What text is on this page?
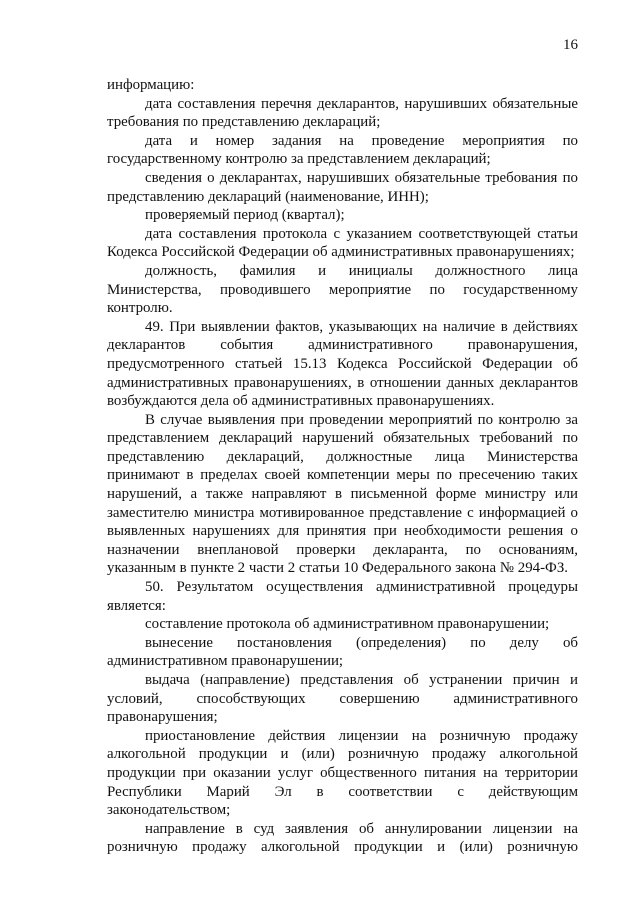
16

информацию:

дата составления перечня декларантов, нарушивших обязательные требования по представлению деклараций;

дата и номер задания на проведение мероприятия по государственному контролю за представлением деклараций;

сведения о декларантах, нарушивших обязательные требования по представлению деклараций (наименование, ИНН);

проверяемый период (квартал);

дата составления протокола с указанием соответствующей статьи Кодекса Российской Федерации об административных правонарушениях;

должность, фамилия и инициалы должностного лица Министерства, проводившего мероприятие по государственному контролю.

49. При выявлении фактов, указывающих на наличие в действиях декларантов события административного правонарушения, предусмотренного статьей 15.13 Кодекса Российской Федерации об административных правонарушениях, в отношении данных декларантов возбуждаются дела об административных правонарушениях.

В случае выявления при проведении мероприятий по контролю за представлением деклараций нарушений обязательных требований по представлению деклараций, должностные лица Министерства принимают в пределах своей компетенции меры по пресечению таких нарушений, а также направляют в письменной форме министру или заместителю министра мотивированное представление с информацией о выявленных нарушениях для принятия при необходимости решения о назначении внеплановой проверки декларанта, по основаниям, указанным в пункте 2 части 2 статьи 10 Федерального закона № 294-ФЗ.

50. Результатом осуществления административной процедуры является:

составление протокола об административном правонарушении;

вынесение постановления (определения) по делу об административном правонарушении;

выдача (направление) представления об устранении причин и условий, способствующих совершению административного правонарушения;

приостановление действия лицензии на розничную продажу алкогольной продукции и (или) розничную продажу алкогольной продукции при оказании услуг общественного питания на территории Республики Марий Эл в соответствии с действующим законодательством;

направление в суд заявления об аннулировании лицензии на розничную продажу алкогольной продукции и (или) розничную
